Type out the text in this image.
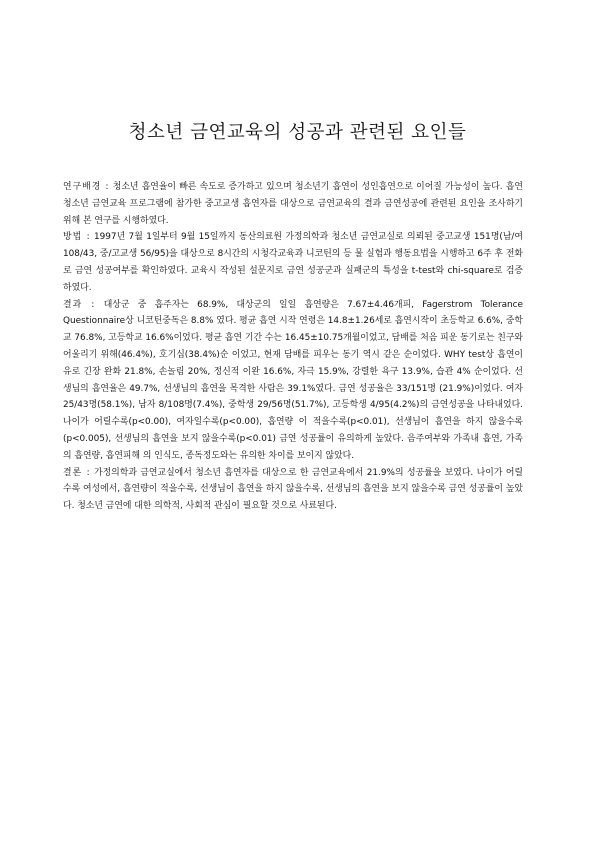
청소년 금연교육의 성공과 관련된 요인들

연구배경 : 청소년 흡연율이 빠른 속도로 증가하고 있으며 청소년기 흡연이 성인흡연으로 이어질 가능성이 높다. 흡연 청소년 금연교육 프로그램에 참가한 중고교생 흡연자를 대상으로 금연교육의 결과 금연성공에 관련된 요인을 조사하기 위해 본 연구를 시행하였다.

방법 : 1997년 7월 1일부터 9월 15일까지 동산의료원 가정의학과 청소년 금연교실로 의뢰된 중고교생 151명(남/여 108/43, 중/고교생 56/95)을 대상으로 8시간의 시청각교육과 니코틴의 등 물 실험과 행동요법을 시행하고 6주 후 전화로 금연 성공여부를 확인하였다. 교육시 작성된 설문지로 금연 성공군과 실패군의 특성을 t-test와 chi-square로 검증하였다.

결과 : 대상군 중 흡주자는 68.9%, 대상군의 일일 흡연량은 7.67±4.46개피, Fagerstrom Tolerance Questionnaire상 니코틴중독은 8.8% 였다. 평균 흡연 시작 연령은 14.8±1.26세로 흡연시작이 초등학교 6.6%, 중학교 76.8%, 고등학교 16.6%이었다. 평균 흡연 기간 수는 16.45±10.75개월이었고, 담배를 처음 피운 동기로는 친구와 어울리기 위해(46.4%), 호기심(38.4%)순 이었고, 현재 담배를 피우는 동기 역시 같은 순이었다. WHY test상 흡연이유로 긴장 완화 21.8%, 손놀림 20%, 정신적 이완 16.6%, 자극 15.9%, 강렬한 욕구 13.9%, 습관 4% 순이었다. 선생님의 흡연율은 49.7%, 선생님의 흡연을 목격한 사람은 39.1%였다. 금연 성공율은 33/151명 (21.9%)이었다. 여자 25/43명(58.1%), 남자 8/108명(7.4%), 중학생 29/56명(51.7%), 고등학생 4/95(4.2%)의 금연성공을 나타내었다. 나이가 어릴수록(p<0.00), 여자일수록(p<0.00), 흡연량 이 적을수록(p<0.01), 선생님이 흡연을 하지 않을수록(p<0.005), 선생님의 흡연을 보지 않을수록(p<0.01) 금연 성공률이 유의하게 높았다. 음주여부와 가족내 흡연, 가족의 흡연량, 흡연피해 의 인식도, 종독정도와는 유의한 차이를 보이지 않았다.

결론 : 가정의학과 금연교실에서 청소년 흡연자를 대상으로 한 금연교육에서 21.9%의 성공률을 보였다. 나이가 어릴수록 여성에서, 흡연량이 적을수록, 선생님이 흡연을 하지 않을수록, 선생님의 흡연을 보지 않을수록 금연 성공률이 높았다. 청소년 금연에 대한 의학적, 사회적 관심이 필요할 것으로 사료된다.
